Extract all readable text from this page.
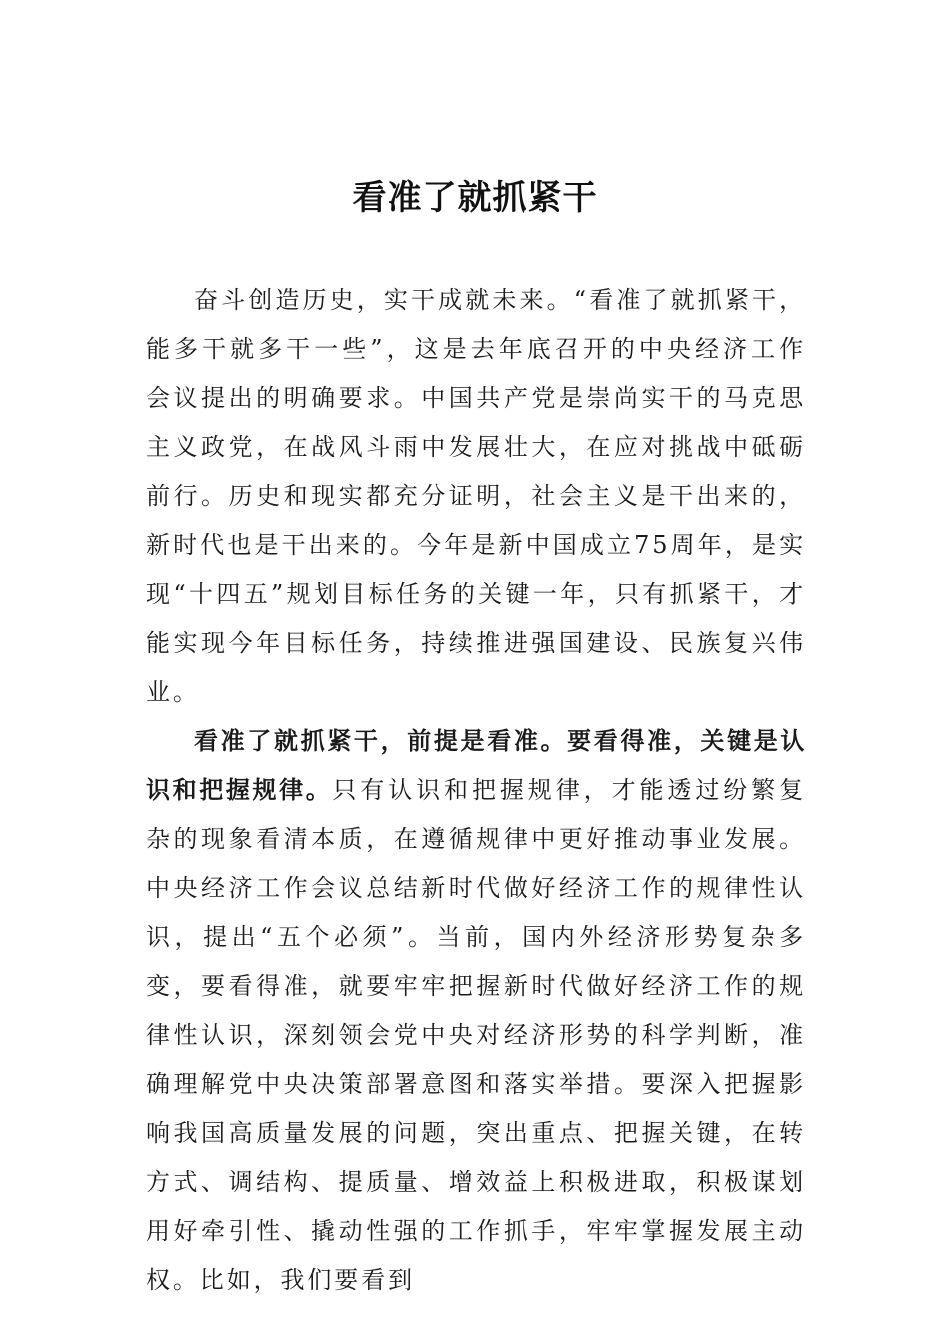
看准了就抓紧干

奋斗创造历史，实干成就未来。“看准了就抓紧干，能多干就多干一些”，这是去年底召开的中央经济工作会议提出的明确要求。中国共产党是崇尚实干的马克思主义政党，在战风斗雨中发展壮大，在应对挑战中砥砺前行。历史和现实都充分证明，社会主义是干出来的，新时代也是干出来的。今年是新中国成立75周年，是实现“十四五”规划目标任务的关键一年，只有抓紧干，才能实现今年目标任务，持续推进强国建设、民族复兴伟业。

看准了就抓紧干，前提是看准。要看得准，关键是认识和把握规律。只有认识和把握规律，才能透过纷繁复杂的现象看清本质，在遵循规律中更好推动事业发展。中央经济工作会议总结新时代做好经济工作的规律性认识，提出“五个必须”。当前，国内外经济形势复杂多变，要看得准，就要牢牢把握新时代做好经济工作的规律性认识，深刻领会党中央对经济形势的科学判断，准确理解党中央决策部署意图和落实举措。要深入把握影响我国高质量发展的问题，突出重点、把握关键，在转方式、调结构、提质量、增效益上积极进取，积极谋划用好牵引性、撬动性强的工作抓手，牢牢掌握发展主动权。比如，我们要看到
